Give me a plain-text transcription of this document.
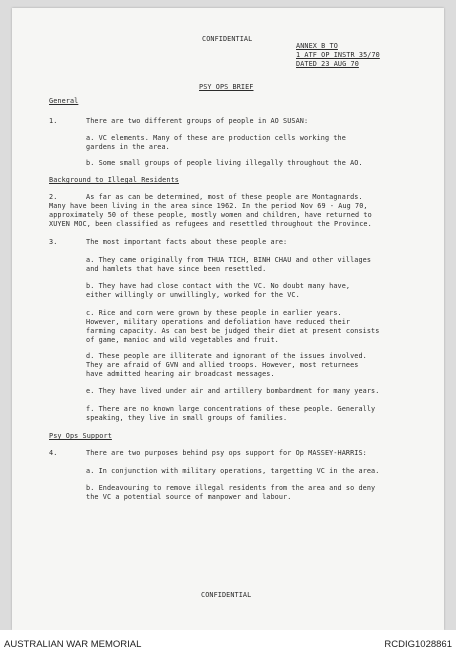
CONFIDENTIAL
ANNEX B TO
1 ATF OP INSTR 35/70
DATED 23 AUG 70
PSY OPS BRIEF
General
1.	There are two different groups of people in AO SUSAN:
a. VC elements. Many of these are production cells working the
gardens in the area.
b. Some small groups of people living illegally throughout the AO.
Background to Illegal Residents
2.	As far as can be determined, most of these people are Montagnards.
Many have been living in the area since 1962. In the period Nov 69 - Aug 70,
approximately 50 of these people, mostly women and children, have returned to
XUYEN MOC, been classified as refugees and resettled throughout the Province.
3.	The most important facts about these people are:
a. They came originally from THUA TICH, BINH CHAU and other villages
and hamlets that have since been resettled.
b. They have had close contact with the VC. No doubt many have,
either willingly or unwillingly, worked for the VC.
c. Rice and corn were grown by these people in earlier years.
However, military operations and defoliation have reduced their
farming capacity. As can best be judged their diet at present consists
of game, manioc and wild vegetables and fruit.
d. These people are illiterate and ignorant of the issues involved.
They are afraid of GVN and allied troops. However, most returnees
have admitted hearing air broadcast messages.
e. They have lived under air and artillery bombardment for many years.
f. There are no known large concentrations of these people. Generally
speaking, they live in small groups of families.
Psy Ops Support
4.	There are two purposes behind psy ops support for Op MASSEY-HARRIS:
a. In conjunction with military operations, targetting VC in the area.
b. Endeavouring to remove illegal residents from the area and so deny
the VC a potential source of manpower and labour.
CONFIDENTIAL
AUSTRALIAN WAR MEMORIAL	RCDIG1028861
